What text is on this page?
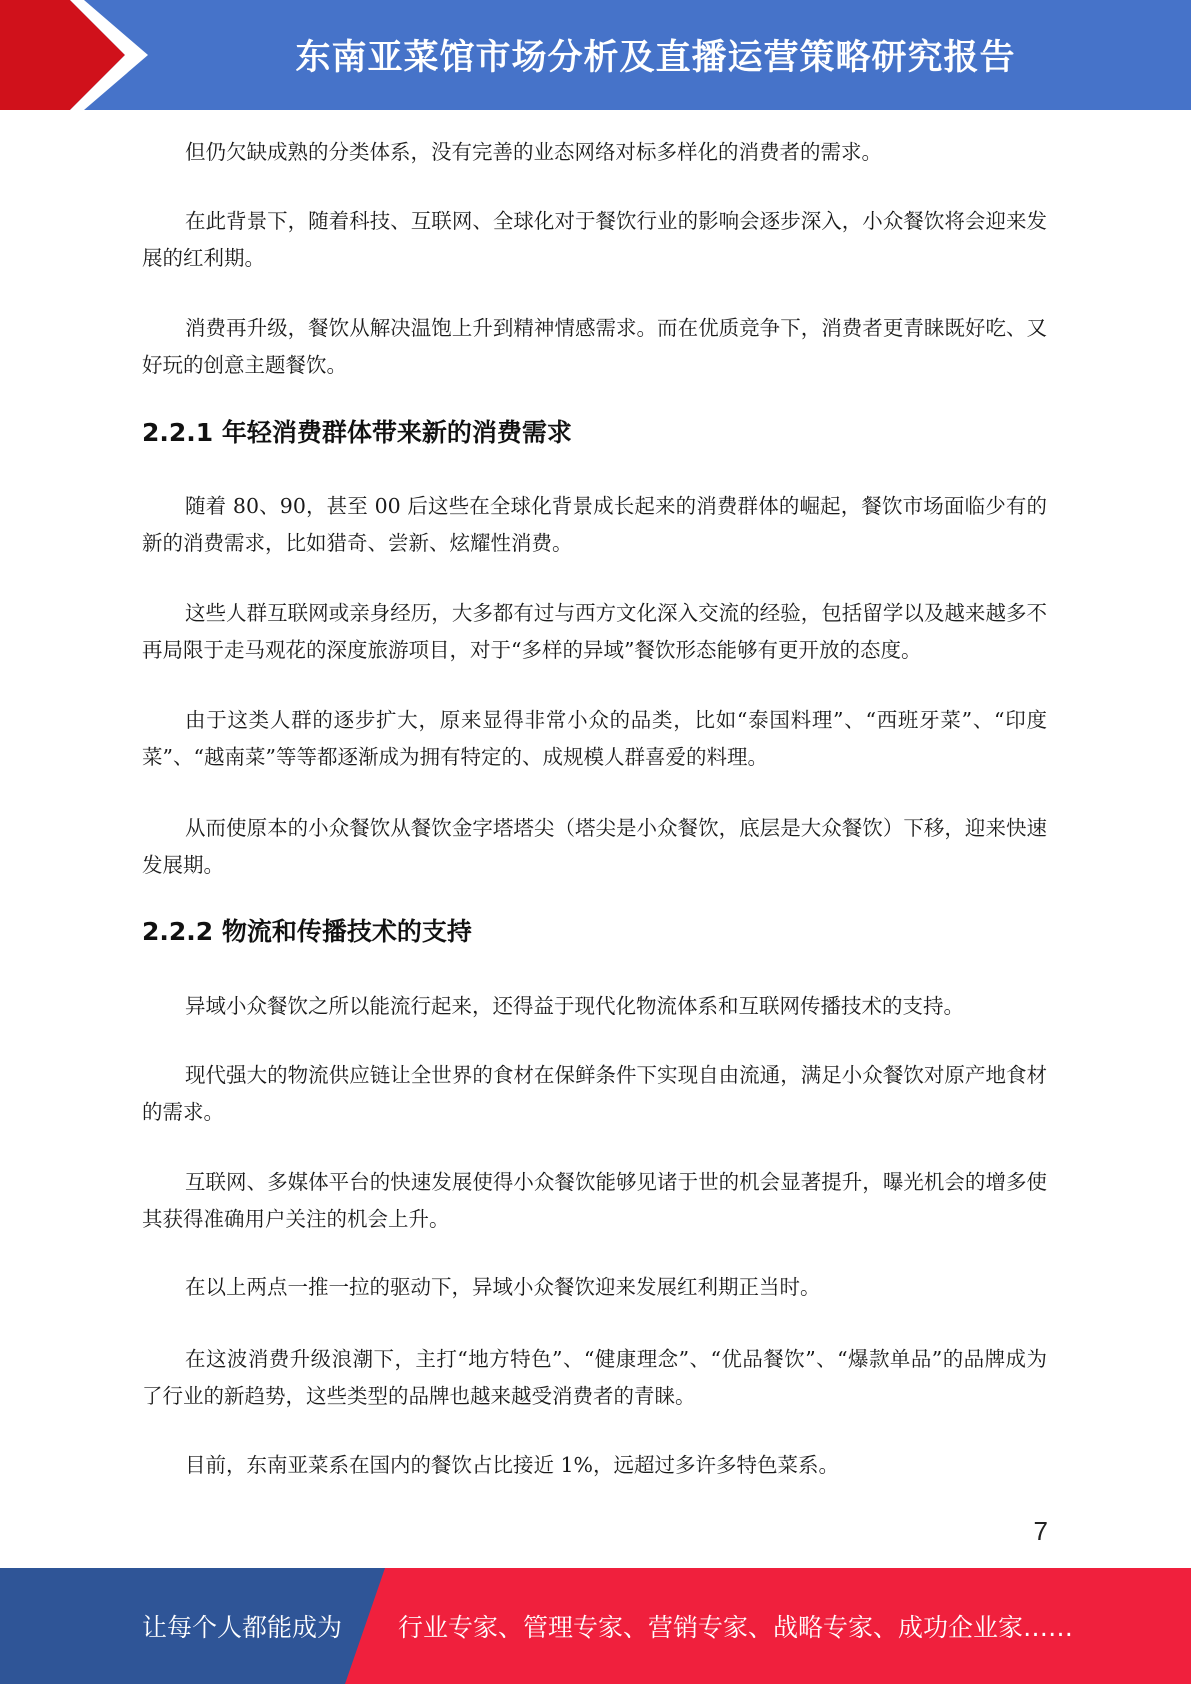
东南亚菜馆市场分析及直播运营策略研究报告

但仍欠缺成熟的分类体系，没有完善的业态网络对标多样化的消费者的需求。

在此背景下，随着科技、互联网、全球化对于餐饮行业的影响会逐步深入，小众餐饮将会迎来发展的红利期。

消费再升级，餐饮从解决温饱上升到精神情感需求。而在优质竞争下，消费者更青睐既好吃、又好玩的创意主题餐饮。

2.2.1 年轻消费群体带来新的消费需求

随着 80、90，甚至 00 后这些在全球化背景成长起来的消费群体的崛起，餐饮市场面临少有的新的消费需求，比如猎奇、尝新、炫耀性消费。

这些人群互联网或亲身经历，大多都有过与西方文化深入交流的经验，包括留学以及越来越多不再局限于走马观花的深度旅游项目，对于“多样的异域”餐饮形态能够有更开放的态度。

由于这类人群的逐步扩大，原来显得非常小众的品类，比如“泰国料理”、“西班牙菜”、“印度菜”、“越南菜”等等都逐渐成为拥有特定的、成规模人群喜爱的料理。

从而使原本的小众餐饮从餐饮金字塔塔尖（塔尖是小众餐饮，底层是大众餐饮）下移，迎来快速发展期。

2.2.2 物流和传播技术的支持

异域小众餐饮之所以能流行起来，还得益于现代化物流体系和互联网传播技术的支持。

现代强大的物流供应链让全世界的食材在保鲜条件下实现自由流通，满足小众餐饮对原产地食材的需求。

互联网、多媒体平台的快速发展使得小众餐饮能够见诸于世的机会显著提升，曝光机会的增多使其获得准确用户关注的机会上升。

在以上两点一推一拉的驱动下，异域小众餐饮迎来发展红利期正当时。

在这波消费升级浪潮下，主打“地方特色”、“健康理念”、“优品餐饮”、“爆款单品”的品牌成为了行业的新趋势，这些类型的品牌也越来越受消费者的青睐。

目前，东南亚菜系在国内的餐饮占比接近 1%，远超过多许多特色菜系。

7
让每个人都能成为 行业专家、管理专家、营销专家、战略专家、成功企业家……
